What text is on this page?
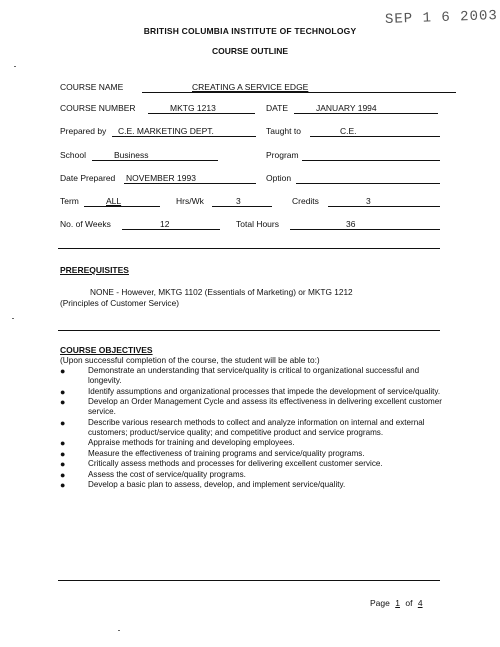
SEP 1 6 2003
BRITISH COLUMBIA INSTITUTE OF TECHNOLOGY
COURSE OUTLINE
COURSE NAME	CREATING A SERVICE EDGE
COURSE NUMBER	MKTG 1213	DATE	JANUARY 1994
Prepared by	C.E. MARKETING DEPT.	Taught to	C.E.
School	Business	Program
Date Prepared NOVEMBER 1993	Option
Term	ALL	Hrs/Wk	3	Credits	3
No. of Weeks	12	Total Hours	36
PREREQUISITES
NONE - However, MKTG 1102 (Essentials of Marketing) or MKTG 1212
(Principles of Customer Service)
COURSE OBJECTIVES
(Upon successful completion of the course, the student will be able to:)
●	Demonstrate an understanding that service/quality is critical to organizational successful and longevity.
●	Identify assumptions and organizational processes that impede the development of service/quality.
●	Develop an Order Management Cycle and assess its effectiveness in delivering excellent customer service.
●	Describe various research methods to collect and analyze information on internal and external customers; product/service quality; and competitive product and service programs.
●	Appraise methods for training and developing employees.
●	Measure the effectiveness of training programs and service/quality programs.
●	Critically assess methods and processes for delivering excellent customer service.
●	Assess the cost of service/quality programs.
●	Develop a basic plan to assess, develop, and implement service/quality.
Page 1 of 4
